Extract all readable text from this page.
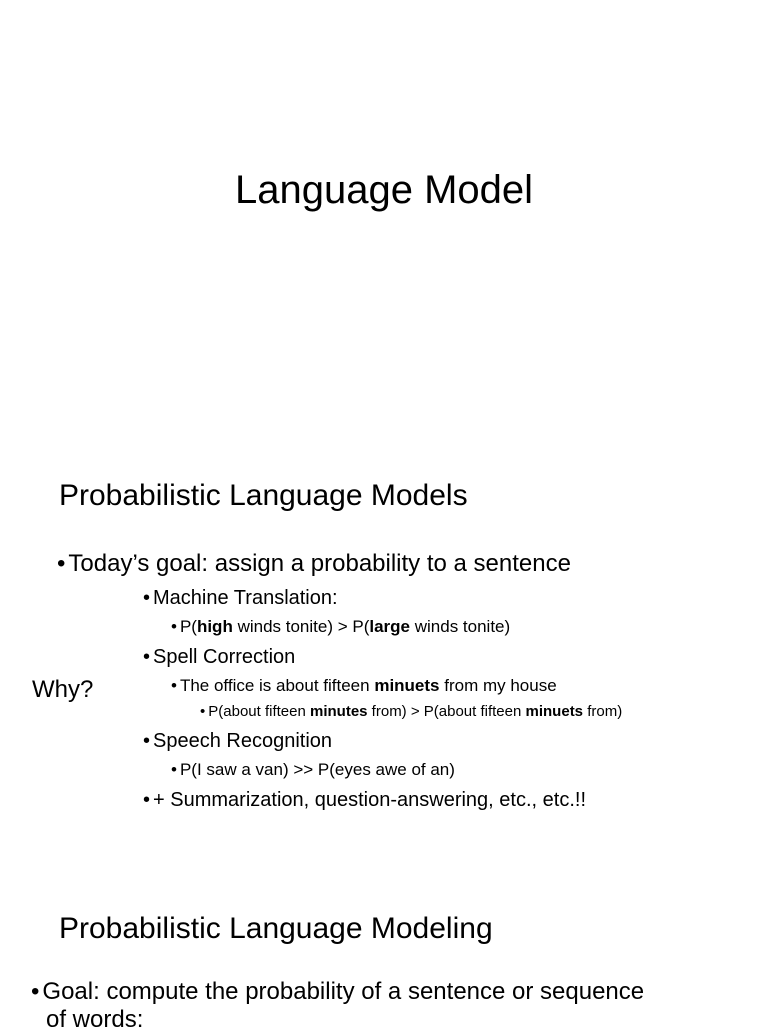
Language Model
Probabilistic Language Models
• Today’s goal: assign a probability to a sentence
• Machine Translation:
• P(high winds tonite) > P(large winds tonite)
• Spell Correction

Why?	• The office is about fifteen minuets from my house
• P(about fifteen minutes from) > P(about fifteen minuets from)
• Speech Recognition
• P(I saw a van) >> P(eyes awe of an)
• + Summarization, question-answering, etc., etc.!!
Probabilistic Language Modeling
• Goal: compute the probability of a sentence or sequence
of words:
